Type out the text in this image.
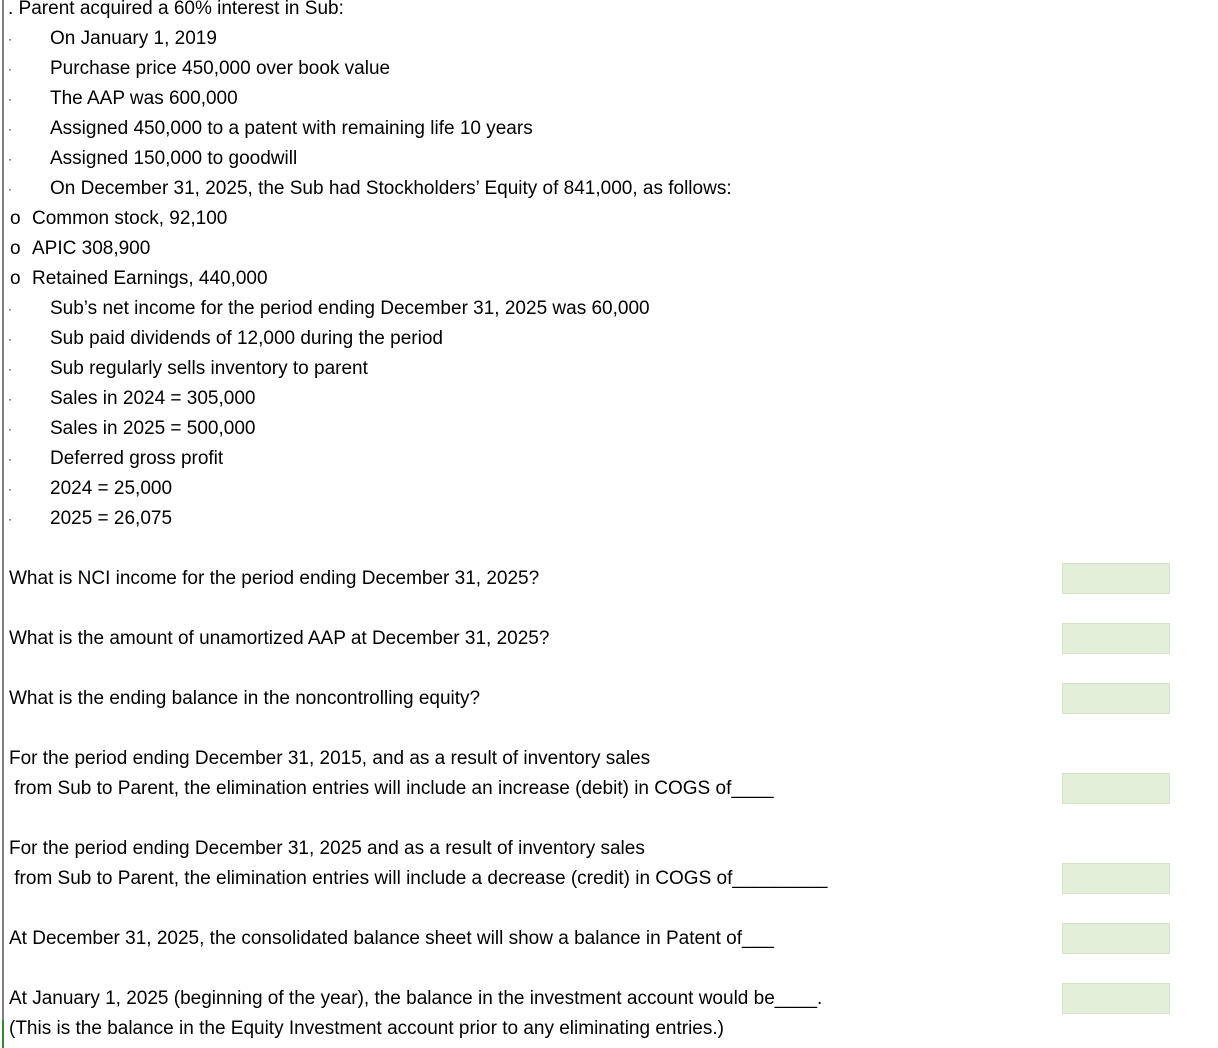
. Parent acquired a 60% interest in Sub:
· On January 1, 2019
· Purchase price 450,000 over book value
· The AAP was 600,000
· Assigned 450,000 to a patent with remaining life 10 years
· Assigned 150,000 to goodwill
· On December 31, 2025, the Sub had Stockholders’ Equity of 841,000, as follows:
o Common stock, 92,100
o APIC 308,900
o Retained Earnings, 440,000
· Sub’s net income for the period ending December 31, 2025 was 60,000
· Sub paid dividends of 12,000 during the period
· Sub regularly sells inventory to parent
· Sales in 2024 = 305,000
· Sales in 2025 = 500,000
· Deferred gross profit
· 2024 = 25,000
· 2025 = 26,075
What is NCI income for the period ending December 31, 2025?
What is the amount of unamortized AAP at December 31, 2025?
What is the ending balance in the noncontrolling equity?
For the period ending December 31, 2015, and as a result of inventory sales
from Sub to Parent, the elimination entries will include an increase (debit) in COGS of____
For the period ending December 31, 2025 and as a result of inventory sales
from Sub to Parent, the elimination entries will include a decrease (credit) in COGS of_________
At December 31, 2025, the consolidated balance sheet will show a balance in Patent of___
At January 1, 2025 (beginning of the year), the balance in the investment account would be____.
(This is the balance in the Equity Investment account prior to any eliminating entries.)
